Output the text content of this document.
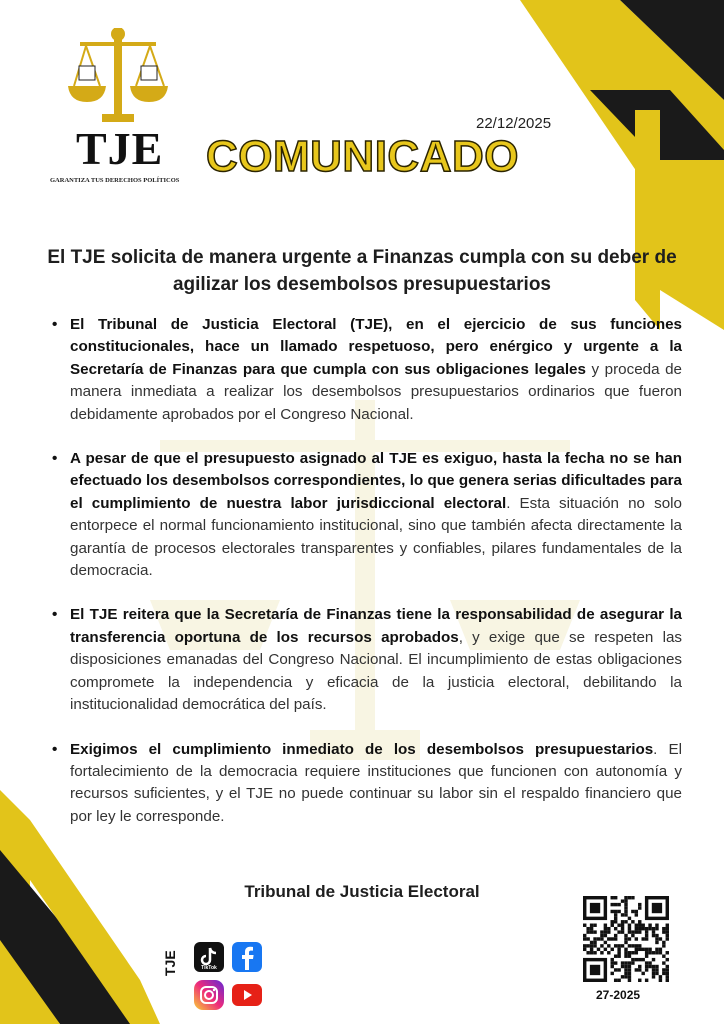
TJE
GARANTIZA TUS DERECHOS POLÍTICOS
22/12/2025
COMUNICADO
El TJE solicita de manera urgente a Finanzas cumpla con su deber de agilizar los desembolsos presupuestarios
• El Tribunal de Justicia Electoral (TJE), en el ejercicio de sus funciones constitucionales, hace un llamado respetuoso, pero enérgico y urgente a la Secretaría de Finanzas para que cumpla con sus obligaciones legales y proceda de manera inmediata a realizar los desembolsos presupuestarios ordinarios que fueron debidamente aprobados por el Congreso Nacional.
• A pesar de que el presupuesto asignado al TJE es exiguo, hasta la fecha no se han efectuado los desembolsos correspondientes, lo que genera serias dificultades para el cumplimiento de nuestra labor jurisdiccional electoral. Esta situación no solo entorpece el normal funcionamiento institucional, sino que también afecta directamente la garantía de procesos electorales transparentes y confiables, pilares fundamentales de la democracia.
• El TJE reitera que la Secretaría de Finanzas tiene la responsabilidad de asegurar la transferencia oportuna de los recursos aprobados, y exige que se respeten las disposiciones emanadas del Congreso Nacional. El incumplimiento de estas obligaciones compromete la independencia y eficacia de la justicia electoral, debilitando la institucionalidad democrática del país.
• Exigimos el cumplimiento inmediato de los desembolsos presupuestarios. El fortalecimiento de la democracia requiere instituciones que funcionen con autonomía y recursos suficientes, y el TJE no puede continuar su labor sin el respaldo financiero que por ley le corresponde.
Tribunal de Justicia Electoral
TJE	TikTok
27-2025
